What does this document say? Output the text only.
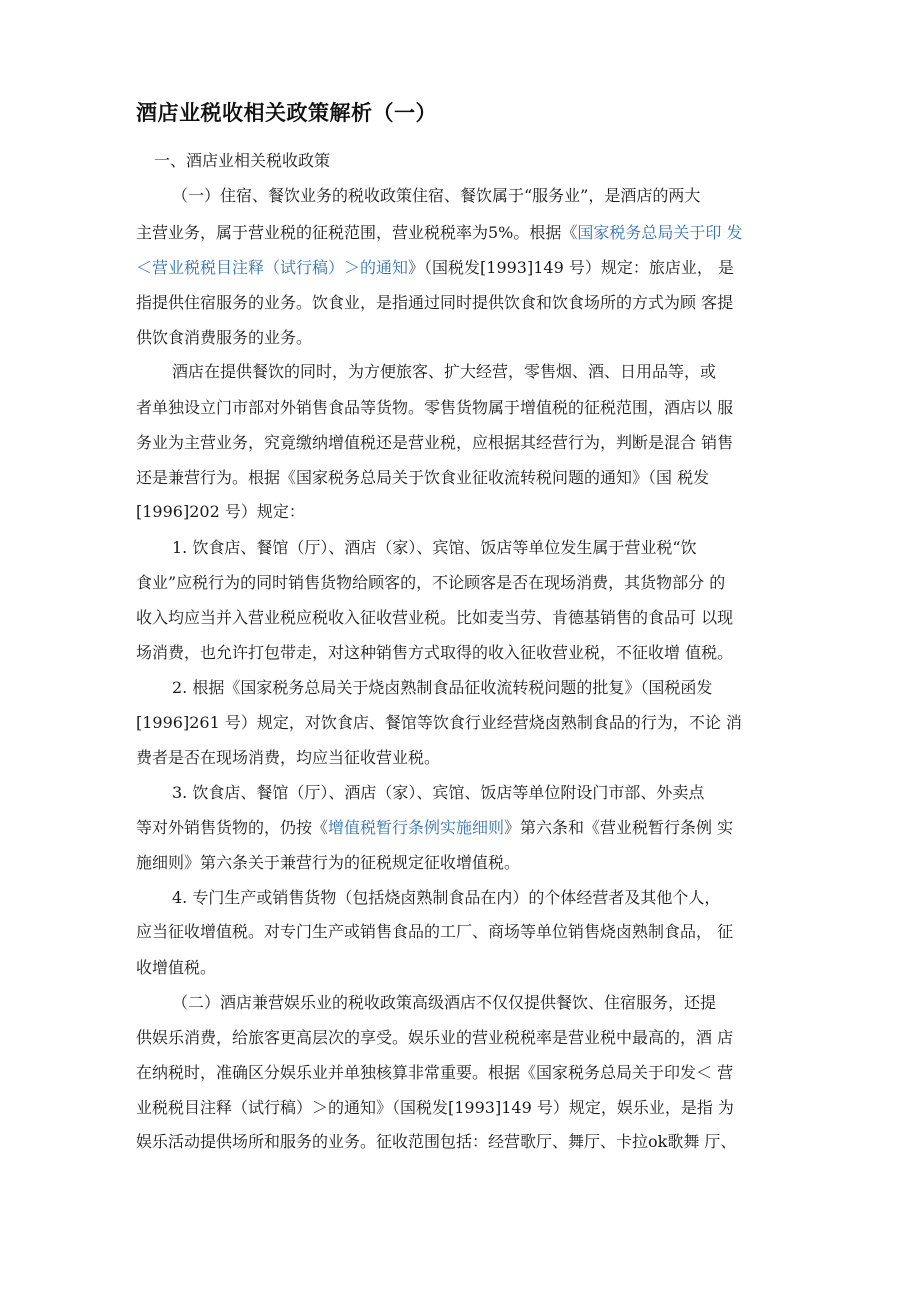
酒店业税收相关政策解析（一）
一、酒店业相关税收政策
（一）住宿、餐饮业务的税收政策住宿、餐饮属于“服务业”，是酒店的两大
主营业务，属于营业税的征税范围，营业税税率为5%。根据《国家税务总局关于印 发
＜营业税税目注释（试行稿）＞的通知》（国税发[1993]149 号）规定：旅店业， 是
指提供住宿服务的业务。饮食业，是指通过同时提供饮食和饮食场所的方式为顾 客提
供饮食消费服务的业务。
酒店在提供餐饮的同时，为方便旅客、扩大经营，零售烟、酒、日用品等，或
者单独设立门市部对外销售食品等货物。零售货物属于增值税的征税范围，酒店以 服
务业为主营业务，究竟缴纳增值税还是营业税，应根据其经营行为，判断是混合 销售
还是兼营行为。根据《国家税务总局关于饮食业征收流转税问题的通知》（国 税发
[1996]202 号）规定：
1. 饮食店、餐馆（厅）、酒店（家）、宾馆、饭店等单位发生属于营业税“饮
食业”应税行为的同时销售货物给顾客的，不论顾客是否在现场消费，其货物部分 的
收入均应当并入营业税应税收入征收营业税。比如麦当劳、肯德基销售的食品可 以现
场消费，也允许打包带走，对这种销售方式取得的收入征收营业税，不征收增 值税。
2. 根据《国家税务总局关于烧卤熟制食品征收流转税问题的批复》（国税函发
[1996]261 号）规定，对饮食店、餐馆等饮食行业经营烧卤熟制食品的行为，不论 消
费者是否在现场消费，均应当征收营业税。
3. 饮食店、餐馆（厅）、酒店（家）、宾馆、饭店等单位附设门市部、外卖点
等对外销售货物的，仍按《增值税暂行条例实施细则》第六条和《营业税暂行条例 实
施细则》第六条关于兼营行为的征税规定征收增值税。
4. 专门生产或销售货物（包括烧卤熟制食品在内）的个体经营者及其他个人，
应当征收增值税。对专门生产或销售食品的工厂、商场等单位销售烧卤熟制食品， 征
收增值税。
（二）酒店兼营娱乐业的税收政策高级酒店不仅仅提供餐饮、住宿服务，还提
供娱乐消费，给旅客更高层次的享受。娱乐业的营业税税率是营业税中最高的，酒 店
在纳税时，准确区分娱乐业并单独核算非常重要。根据《国家税务总局关于印发＜ 营
业税税目注释（试行稿）＞的通知》（国税发[1993]149 号）规定，娱乐业，是指 为
娱乐活动提供场所和服务的业务。征收范围包括：经营歌厅、舞厅、卡拉ok歌舞 厅、
